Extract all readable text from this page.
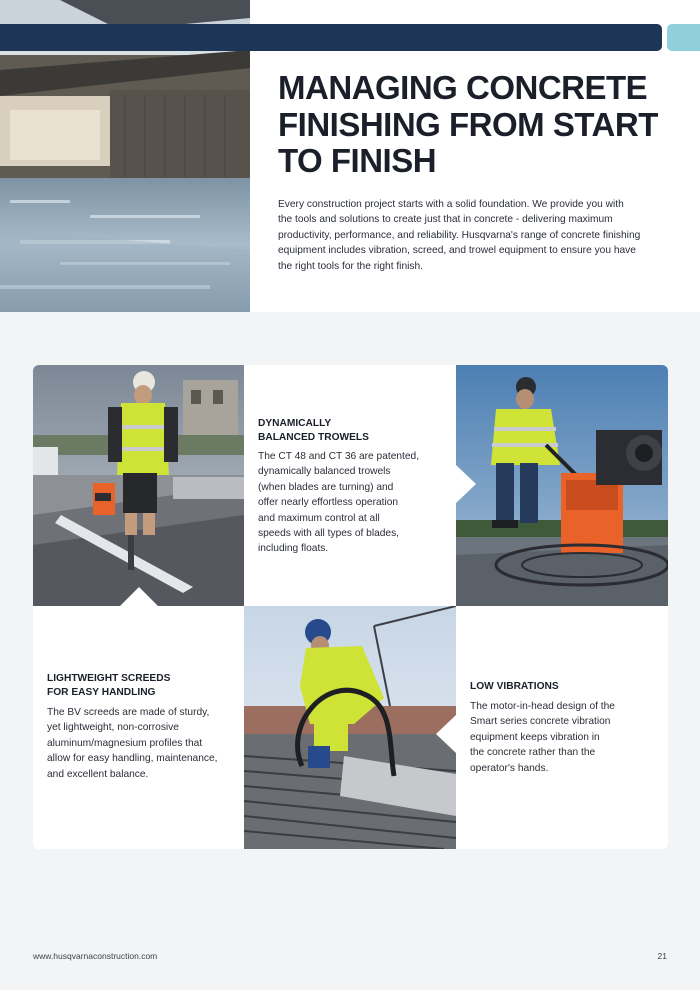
MANAGING CONCRETE
FINISHING FROM START
TO FINISH

Every construction project starts with a solid foundation. We provide you with
the tools and solutions to create just that in concrete - delivering maximum
productivity, performance, and reliability. Husqvarna's range of concrete finishing
equipment includes vibration, screed, and trowel equipment to ensure you have
the right tools for the right finish.

DYNAMICALLY
BALANCED TROWELS
The CT 48 and CT 36 are patented,
dynamically balanced trowels
(when blades are turning) and
offer nearly effortless operation
and maximum control at all
speeds with all types of blades,
including floats.
LIGHTWEIGHT SCREEDS
FOR EASY HANDLING
The BV screeds are made of sturdy,
yet lightweight, non-corrosive
aluminum/magnesium profiles that
allow for easy handling, maintenance,
and excellent balance.
LOW VIBRATIONS
The motor-in-head design of the
Smart series concrete vibration
equipment keeps vibration in
the concrete rather than the
operator's hands.
www.husqvarnaconstruction.com	21
